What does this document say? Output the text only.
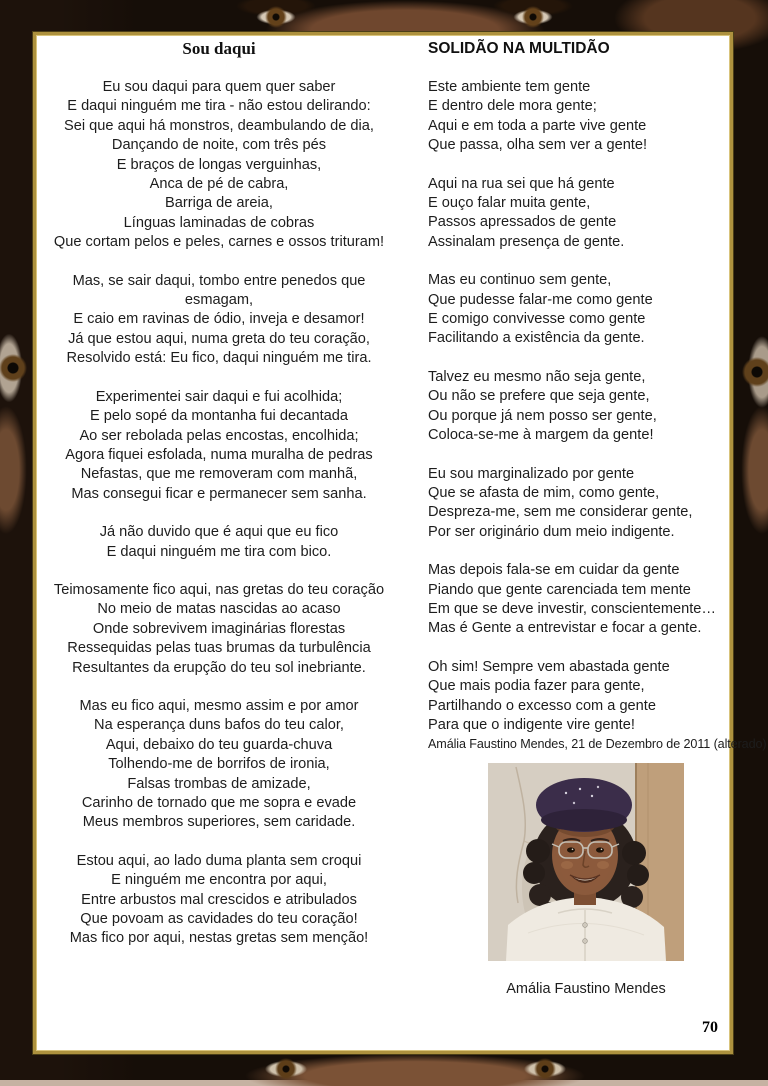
Sou daqui
Eu sou daqui para quem quer saber
E daqui ninguém me tira - não estou delirando:
Sei que aqui há monstros, deambulando de dia,
Dançando de noite, com três pés
E braços de longas verguinhas,
Anca de pé de cabra,
Barriga de areia,
Línguas laminadas de cobras
Que cortam pelos e peles, carnes e ossos trituram!
Mas, se sair daqui, tombo entre penedos que
esmagam,
E caio em ravinas de ódio, inveja e desamor!
Já que estou aqui, numa greta do teu coração,
Resolvido está: Eu fico, daqui ninguém me tira.
Experimentei sair daqui e fui acolhida;
E pelo sopé da montanha fui decantada
Ao ser rebolada pelas encostas, encolhida;
Agora fiquei esfolada, numa muralha de pedras
Nefastas, que me removeram com manhã,
Mas consegui ficar e permanecer sem sanha.
Já não duvido que é aqui que eu fico
E daqui ninguém me tira com bico.
Teimosamente fico aqui, nas gretas do teu coração
No meio de matas nascidas ao acaso
Onde sobrevivem imaginárias florestas
Ressequidas pelas tuas brumas da turbulência
Resultantes da erupção do teu sol inebriante.
Mas eu fico aqui, mesmo assim e por amor
Na esperança duns bafos do teu calor,
Aqui, debaixo do teu guarda-chuva
Tolhendo-me de borrifos de ironia,
Falsas trombas de amizade,
Carinho de tornado que me sopra e evade
Meus membros superiores, sem caridade.
Estou aqui, ao lado duma planta sem croqui
E ninguém me encontra por aqui,
Entre arbustos mal crescidos e atribulados
Que povoam as cavidades do teu coração!
Mas fico por aqui, nestas gretas sem menção!
SOLIDÃO NA MULTIDÃO
Este ambiente tem gente
E dentro dele mora gente;
Aqui e em toda a parte vive gente
Que passa, olha sem ver a gente!
Aqui na rua sei que há gente
E ouço falar muita gente,
Passos apressados de gente
Assinalam presença de gente.
Mas eu continuo sem gente,
Que pudesse falar-me como gente
E comigo convivesse como gente
Facilitando a existência da gente.
Talvez eu mesmo não seja gente,
Ou não se prefere que seja gente,
Ou porque já nem posso ser gente,
Coloca-se-me à margem da gente!
Eu sou marginalizado por gente
Que se afasta de mim, como gente,
Despreza-me, sem me considerar gente,
Por ser originário dum meio indigente.
Mas depois fala-se em cuidar da gente
Piando que gente carenciada tem mente
Em que se deve investir, conscientemente…
Mas é Gente a entrevistar e focar a gente.
Oh sim! Sempre vem abastada gente
Que mais podia fazer para gente,
Partilhando o excesso com a gente
Para que o indigente vire gente!
Amália Faustino Mendes, 21 de Dezembro de 2011 (alterado)
Amália Faustino Mendes
70
